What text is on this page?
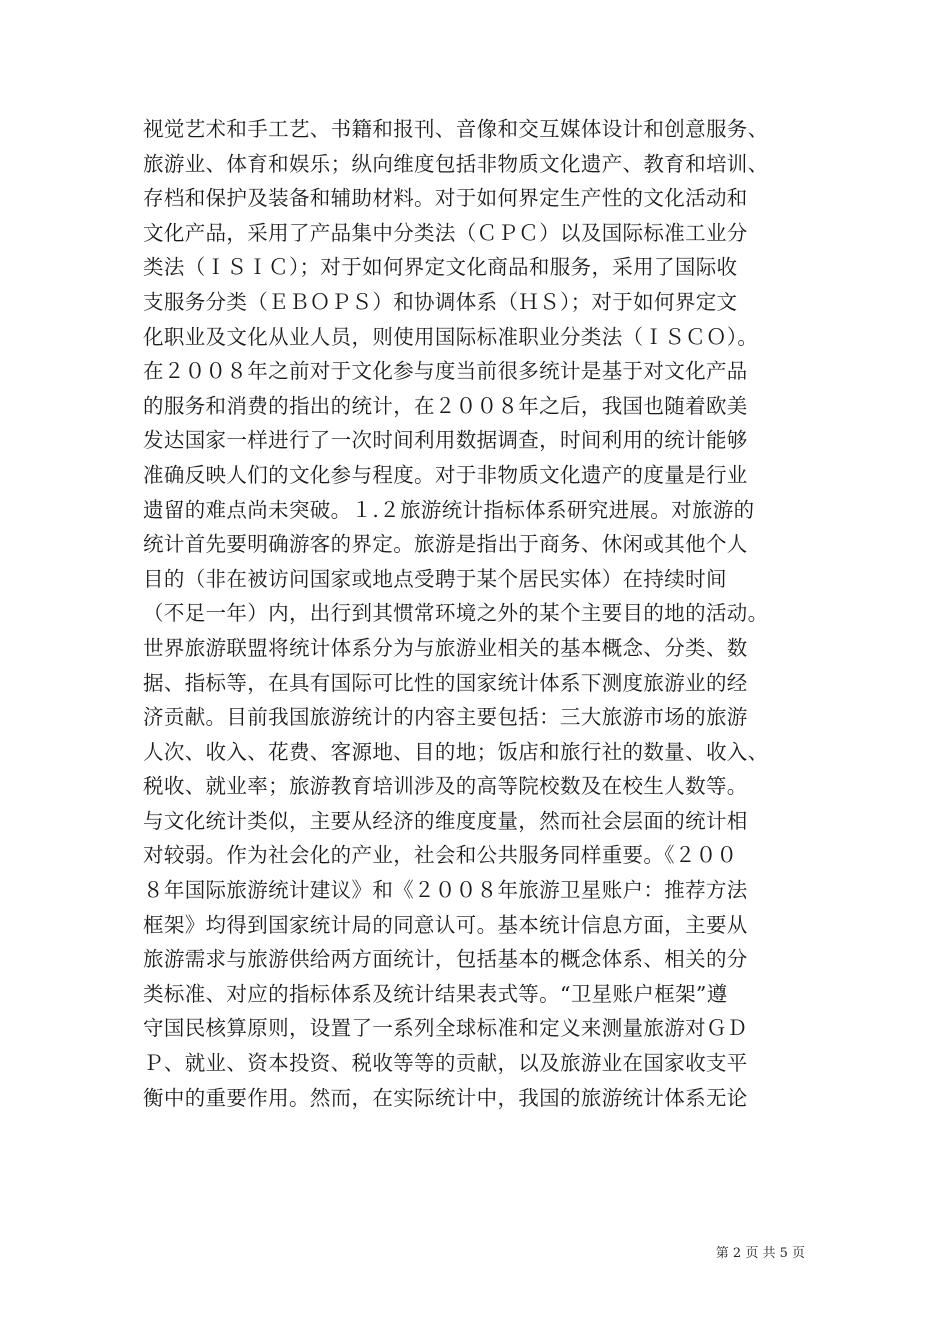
视觉艺术和手工艺、书籍和报刊、音像和交互媒体设计和创意服务、
旅游业、体育和娱乐；纵向维度包括非物质文化遗产、教育和培训、
存档和保护及装备和辅助材料。对于如何界定生产性的文化活动和
文化产品，采用了产品集中分类法（ＣＰＣ）以及国际标准工业分
类法（ＩＳＩＣ）；对于如何界定文化商品和服务，采用了国际收
支服务分类（ＥＢＯＰＳ）和协调体系（ＨＳ）；对于如何界定文
化职业及文化从业人员，则使用国际标准职业分类法（ＩＳＣＯ）。
在２００８年之前对于文化参与度当前很多统计是基于对文化产品
的服务和消费的指出的统计，在２００８年之后，我国也随着欧美
发达国家一样进行了一次时间利用数据调查，时间利用的统计能够
准确反映人们的文化参与程度。对于非物质文化遗产的度量是行业
遗留的难点尚未突破。１.２旅游统计指标体系研究进展。对旅游的
统计首先要明确游客的界定。旅游是指出于商务、休闲或其他个人
目的（非在被访问国家或地点受聘于某个居民实体）在持续时间
（不足一年）内，出行到其惯常环境之外的某个主要目的地的活动。
世界旅游联盟将统计体系分为与旅游业相关的基本概念、分类、数
据、指标等，在具有国际可比性的国家统计体系下测度旅游业的经
济贡献。目前我国旅游统计的内容主要包括：三大旅游市场的旅游
人次、收入、花费、客源地、目的地；饭店和旅行社的数量、收入、
税收、就业率；旅游教育培训涉及的高等院校数及在校生人数等。
与文化统计类似，主要从经济的维度度量，然而社会层面的统计相
对较弱。作为社会化的产业，社会和公共服务同样重要。《２００
８年国际旅游统计建议》和《２００８年旅游卫星账户：推荐方法
框架》均得到国家统计局的同意认可。基本统计信息方面，主要从
旅游需求与旅游供给两方面统计，包括基本的概念体系、相关的分
类标准、对应的指标体系及统计结果表式等。“卫星账户框架”遵
守国民核算原则，设置了一系列全球标准和定义来测量旅游对ＧＤ
Ｐ、就业、资本投资、税收等等的贡献，以及旅游业在国家收支平
衡中的重要作用。然而，在实际统计中，我国的旅游统计体系无论
第 2 页 共 5 页
